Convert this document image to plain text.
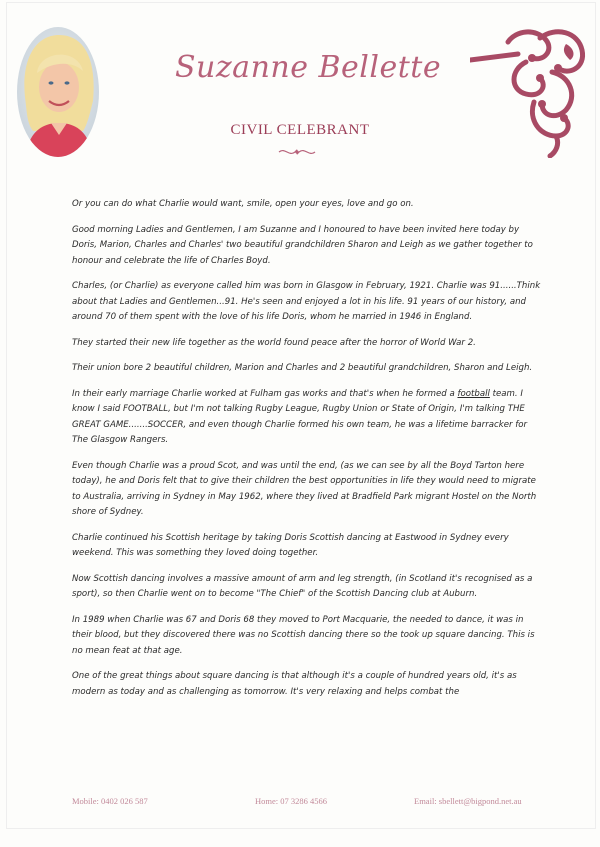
Suzanne Bellette
CIVIL CELEBRANT

Or you can do what Charlie would want, smile, open your eyes, love and go on.

Good morning Ladies and Gentlemen, I am Suzanne and I honoured to have been invited here today by Doris, Marion, Charles and Charles' two beautiful grandchildren Sharon and Leigh as we gather together to honour and celebrate the life of Charles Boyd.

Charles, (or Charlie) as everyone called him was born in Glasgow in February, 1921. Charlie was 91......Think about that Ladies and Gentlemen...91. He's seen and enjoyed a lot in his life. 91 years of our history, and around 70 of them spent with the love of his life Doris, whom he married in 1946 in England.

They started their new life together as the world found peace after the horror of World War 2.

Their union bore 2 beautiful children, Marion and Charles and 2 beautiful grandchildren, Sharon and Leigh.

In their early marriage Charlie worked at Fulham gas works and that's when he formed a football team. I know I said FOOTBALL, but I'm not talking Rugby League, Rugby Union or State of Origin, I'm talking THE GREAT GAME.......SOCCER, and even though Charlie formed his own team, he was a lifetime barracker for The Glasgow Rangers.

Even though Charlie was a proud Scot, and was until the end, (as we can see by all the Boyd Tarton here today), he and Doris felt that to give their children the best opportunities in life they would need to migrate to Australia, arriving in Sydney in May 1962, where they lived at Bradfield Park migrant Hostel on the North shore of Sydney.

Charlie continued his Scottish heritage by taking Doris Scottish dancing at Eastwood in Sydney every weekend. This was something they loved doing together.

Now Scottish dancing involves a massive amount of arm and leg strength, (in Scotland it's recognised as a sport), so then Charlie went on to become "The Chief" of the Scottish Dancing club at Auburn.

In 1989 when Charlie was 67 and Doris 68 they moved to Port Macquarie, the needed to dance, it was in their blood, but they discovered there was no Scottish dancing there so the took up square dancing. This is no mean feat at that age.

One of the great things about square dancing is that although it's a couple of hundred years old, it's as modern as today and as challenging as tomorrow. It's very relaxing and helps combat the

Mobile: 0402 026 587	Home: 07 3286 4566	Email: sbellett@bigpond.net.au
